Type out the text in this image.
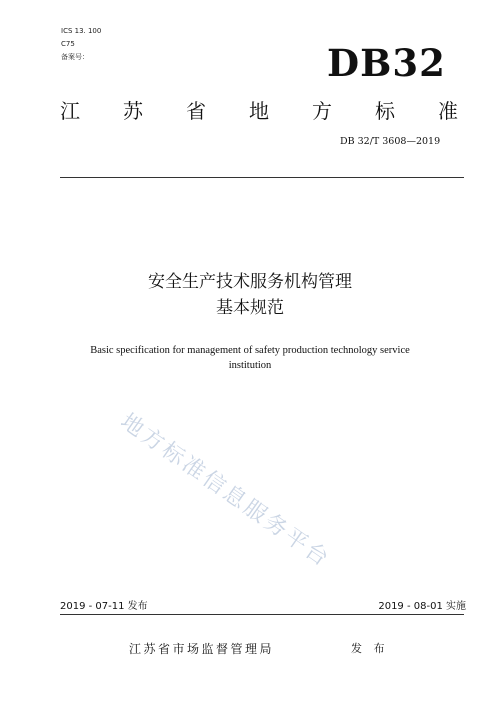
ICS 13. 100
C75
备案号：	DB32
江 苏 省 地 方 标 准
DB 32/T 3608—2019
安全生产技术服务机构管理
基本规范
Basic specification for management of safety production technology service
institution
地方标准信息服务平台
2019 - 07-11 发布	2019 - 08-01 实施
江苏省市场监督管理局	发 布
